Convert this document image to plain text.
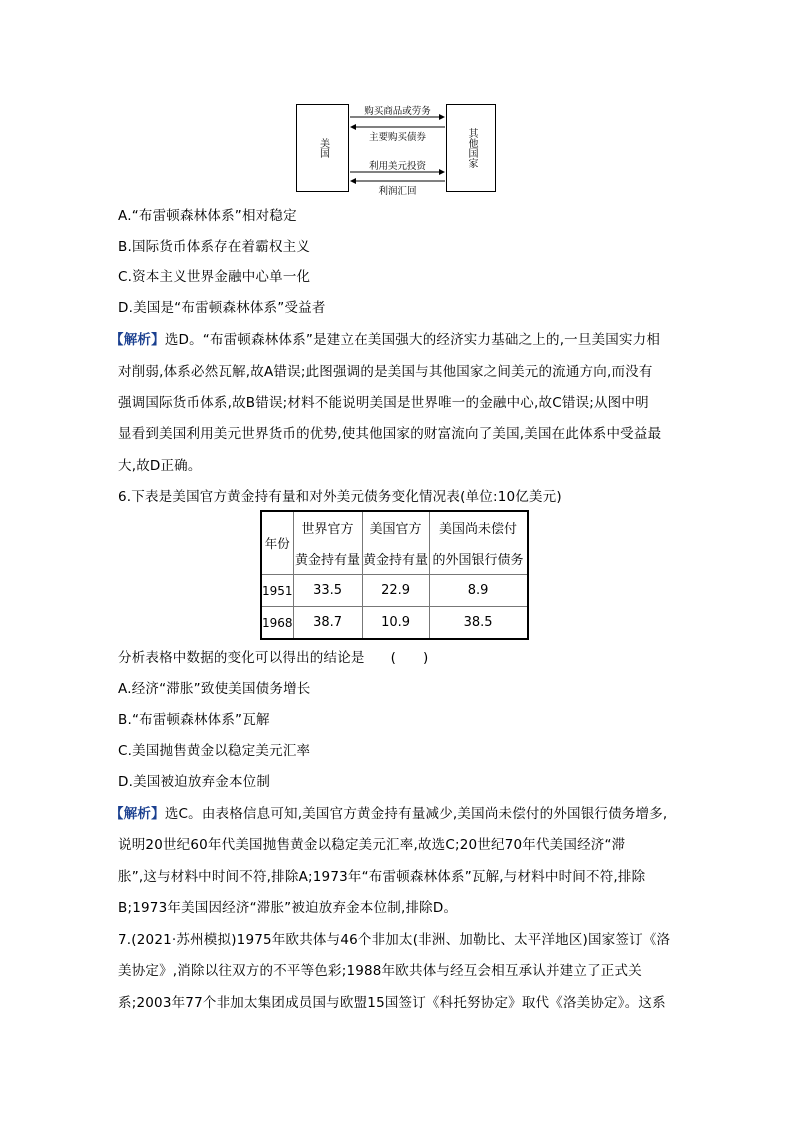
美国	其他国家
购买商品或劳务
主要购买债券
利用美元投资
利润汇回
A.“布雷顿森林体系”相对稳定
B.国际货币体系存在着霸权主义
C.资本主义世界金融中心单一化
D.美国是“布雷顿森林体系”受益者
【解析】选D。“布雷顿森林体系”是建立在美国强大的经济实力基础之上的,一旦美国实力相
对削弱,体系必然瓦解,故A错误;此图强调的是美国与其他国家之间美元的流通方向,而没有
强调国际货币体系,故B错误;材料不能说明美国是世界唯一的金融中心,故C错误;从图中明
显看到美国利用美元世界货币的优势,使其他国家的财富流向了美国,美国在此体系中受益最
大,故D正确。
6.下表是美国官方黄金持有量和对外美元债务变化情况表(单位:10亿美元)
年份	世界官方	美国官方	美国尚未偿付
	黄金持有量	黄金持有量	的外国银行债务
1951	33.5	22.9	8.9
1968	38.7	10.9	38.5
分析表格中数据的变化可以得出的结论是 (      )
A.经济“滞胀”致使美国债务增长
B.“布雷顿森林体系”瓦解
C.美国抛售黄金以稳定美元汇率
D.美国被迫放弃金本位制
【解析】选C。由表格信息可知,美国官方黄金持有量减少,美国尚未偿付的外国银行债务增多,
说明20世纪60年代美国抛售黄金以稳定美元汇率,故选C;20世纪70年代美国经济“滞
胀”,这与材料中时间不符,排除A;1973年“布雷顿森林体系”瓦解,与材料中时间不符,排除
B;1973年美国因经济“滞胀”被迫放弃金本位制,排除D。
7.(2021·苏州模拟)1975年欧共体与46个非加太(非洲、加勒比、太平洋地区)国家签订《洛
美协定》,消除以往双方的不平等色彩;1988年欧共体与经互会相互承认并建立了正式关
系;2003年77个非加太集团成员国与欧盟15国签订《科托努协定》取代《洛美协定》。这系
